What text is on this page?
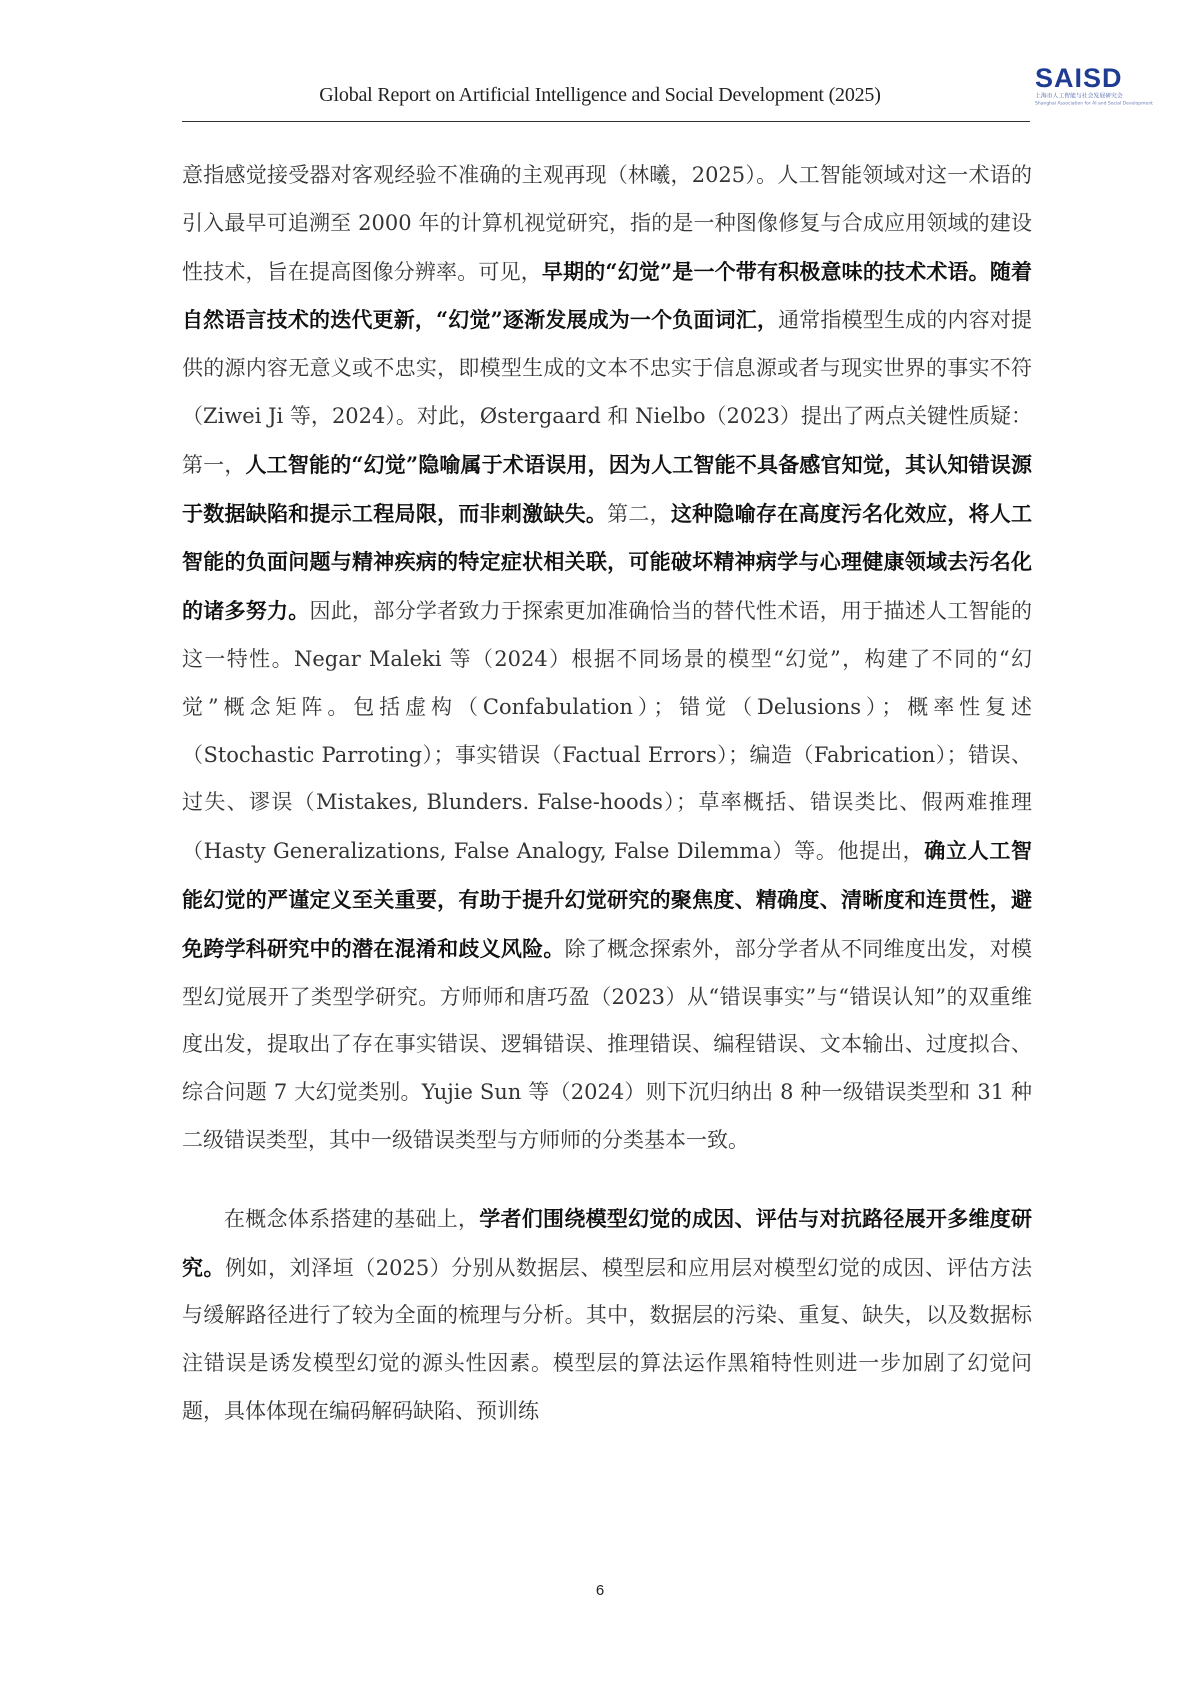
Global Report on Artificial Intelligence and Social Development (2025)
SAISD
上海市人工智能与社会发展研究会
Shanghai Association for AI and Social Development

意指感觉接受器对客观经验不准确的主观再现（林曦，2025）。人工智能领域对这一术语的引入最早可追溯至 2000 年的计算机视觉研究，指的是一种图像修复与合成应用领域的建设性技术，旨在提高图像分辨率。可见，早期的“幻觉”是一个带有积极意味的技术术语。随着自然语言技术的迭代更新，“幻觉”逐渐发展成为一个负面词汇，通常指模型生成的内容对提供的源内容无意义或不忠实，即模型生成的文本不忠实于信息源或者与现实世界的事实不符（Ziwei Ji 等，2024）。对此，Østergaard 和 Nielbo（2023）提出了两点关键性质疑：第一，人工智能的“幻觉”隐喻属于术语误用，因为人工智能不具备感官知觉，其认知错误源于数据缺陷和提示工程局限，而非刺激缺失。第二，这种隐喻存在高度污名化效应，将人工智能的负面问题与精神疾病的特定症状相关联，可能破坏精神病学与心理健康领域去污名化的诸多努力。因此，部分学者致力于探索更加准确恰当的替代性术语，用于描述人工智能的这一特性。Negar Maleki 等（2024）根据不同场景的模型“幻觉”，构建了不同的“幻觉”概念矩阵。包括虚构（Confabulation）；错觉（Delusions）；概率性复述（Stochastic Parroting）；事实错误（Factual Errors）；编造（Fabrication）；错误、过失、谬误（Mistakes, Blunders. False-hoods）；草率概括、错误类比、假两难推理（Hasty Generalizations, False Analogy, False Dilemma）等。他提出，确立人工智能幻觉的严谨定义至关重要，有助于提升幻觉研究的聚焦度、精确度、清晰度和连贯性，避免跨学科研究中的潜在混淆和歧义风险。除了概念探索外，部分学者从不同维度出发，对模型幻觉展开了类型学研究。方师师和唐巧盈（2023）从“错误事实”与“错误认知”的双重维度出发，提取出了存在事实错误、逻辑错误、推理错误、编程错误、文本输出、过度拟合、综合问题 7 大幻觉类别。Yujie Sun 等（2024）则下沉归纳出 8 种一级错误类型和 31 种二级错误类型，其中一级错误类型与方师师的分类基本一致。

在概念体系搭建的基础上，学者们围绕模型幻觉的成因、评估与对抗路径展开多维度研究。例如，刘泽垣（2025）分别从数据层、模型层和应用层对模型幻觉的成因、评估方法与缓解路径进行了较为全面的梳理与分析。其中，数据层的污染、重复、缺失，以及数据标注错误是诱发模型幻觉的源头性因素。模型层的算法运作黑箱特性则进一步加剧了幻觉问题，具体体现在编码解码缺陷、预训练

6
